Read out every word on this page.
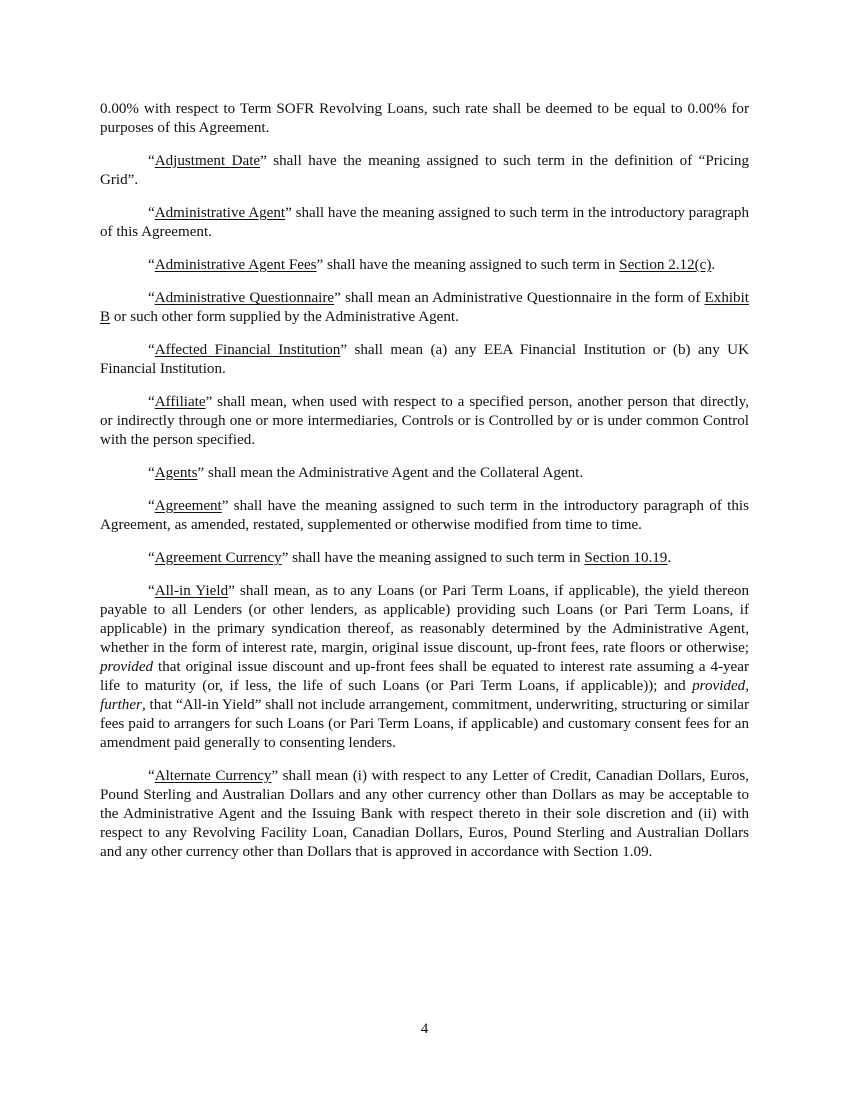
0.00% with respect to Term SOFR Revolving Loans, such rate shall be deemed to be equal to 0.00% for purposes of this Agreement.

“Adjustment Date” shall have the meaning assigned to such term in the definition of “Pricing Grid”.

“Administrative Agent” shall have the meaning assigned to such term in the introductory paragraph of this Agreement.

“Administrative Agent Fees” shall have the meaning assigned to such term in Section 2.12(c).

“Administrative Questionnaire” shall mean an Administrative Questionnaire in the form of Exhibit B or such other form supplied by the Administrative Agent.

“Affected Financial Institution” shall mean (a) any EEA Financial Institution or (b) any UK Financial Institution.

“Affiliate” shall mean, when used with respect to a specified person, another person that directly, or indirectly through one or more intermediaries, Controls or is Controlled by or is under common Control with the person specified.

“Agents” shall mean the Administrative Agent and the Collateral Agent.

“Agreement” shall have the meaning assigned to such term in the introductory paragraph of this Agreement, as amended, restated, supplemented or otherwise modified from time to time.

“Agreement Currency” shall have the meaning assigned to such term in Section 10.19.

“All-in Yield” shall mean, as to any Loans (or Pari Term Loans, if applicable), the yield thereon payable to all Lenders (or other lenders, as applicable) providing such Loans (or Pari Term Loans, if applicable) in the primary syndication thereof, as reasonably determined by the Administrative Agent, whether in the form of interest rate, margin, original issue discount, up-front fees, rate floors or otherwise; provided that original issue discount and up-front fees shall be equated to interest rate assuming a 4-year life to maturity (or, if less, the life of such Loans (or Pari Term Loans, if applicable)); and provided, further, that “All-in Yield” shall not include arrangement, commitment, underwriting, structuring or similar fees paid to arrangers for such Loans (or Pari Term Loans, if applicable) and customary consent fees for an amendment paid generally to consenting lenders.

“Alternate Currency” shall mean (i) with respect to any Letter of Credit, Canadian Dollars, Euros, Pound Sterling and Australian Dollars and any other currency other than Dollars as may be acceptable to the Administrative Agent and the Issuing Bank with respect thereto in their sole discretion and (ii) with respect to any Revolving Facility Loan, Canadian Dollars, Euros, Pound Sterling and Australian Dollars and any other currency other than Dollars that is approved in accordance with Section 1.09.

4
